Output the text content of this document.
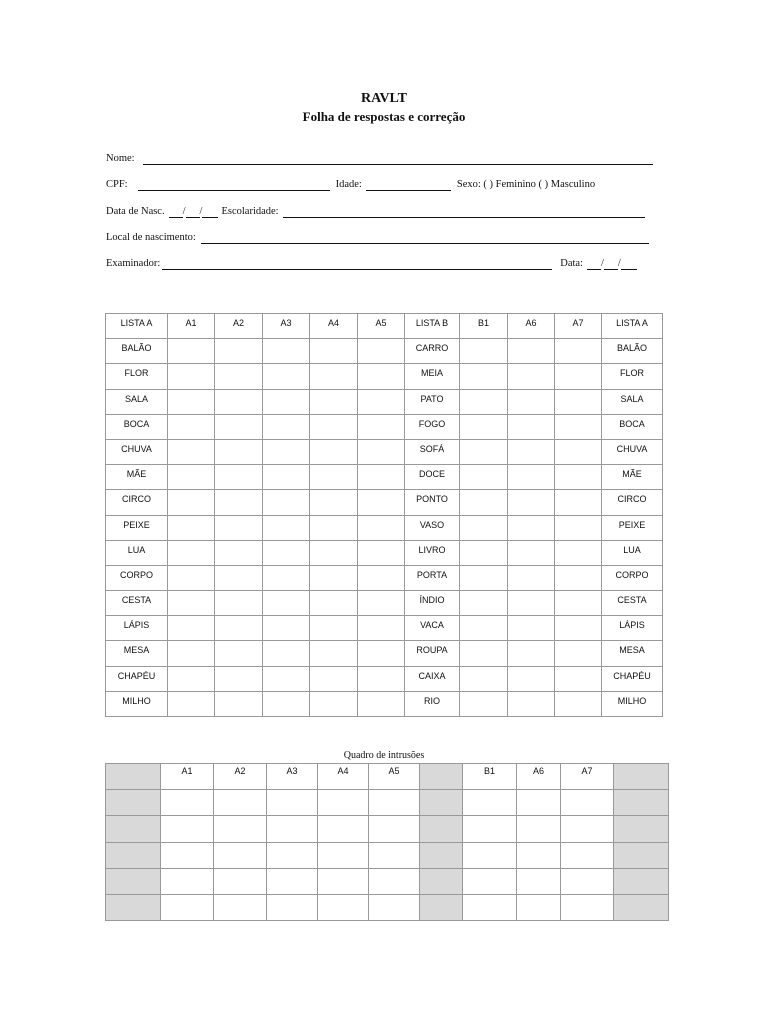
RAVLT
Folha de respostas e correção
Nome:
CPF:	Idade:	Sexo: ( ) Feminino ( ) Masculino
Data de Nasc. / / Escolaridade:
Local de nascimento:
Examinador:	Data: / /
LISTA A	A1	A2	A3	A4	A5	LISTA B	B1	A6	A7	LISTA A
BALÃO						CARRO				BALÃO
FLOR						MEIA				FLOR
SALA						PATO				SALA
BOCA						FOGO				BOCA
CHUVA						SOFÁ				CHUVA
MÃE						DOCE				MÃE
CIRCO						PONTO				CIRCO
PEIXE						VASO				PEIXE
LUA						LIVRO				LUA
CORPO						PORTA				CORPO
CESTA						ÍNDIO				CESTA
LÁPIS						VACA				LÁPIS
MESA						ROUPA				MESA
CHAPÉU						CAIXA				CHAPÉU
MILHO						RIO				MILHO
Quadro de intrusões
	A1	A2	A3	A4	A5		B1	A6	A7	
